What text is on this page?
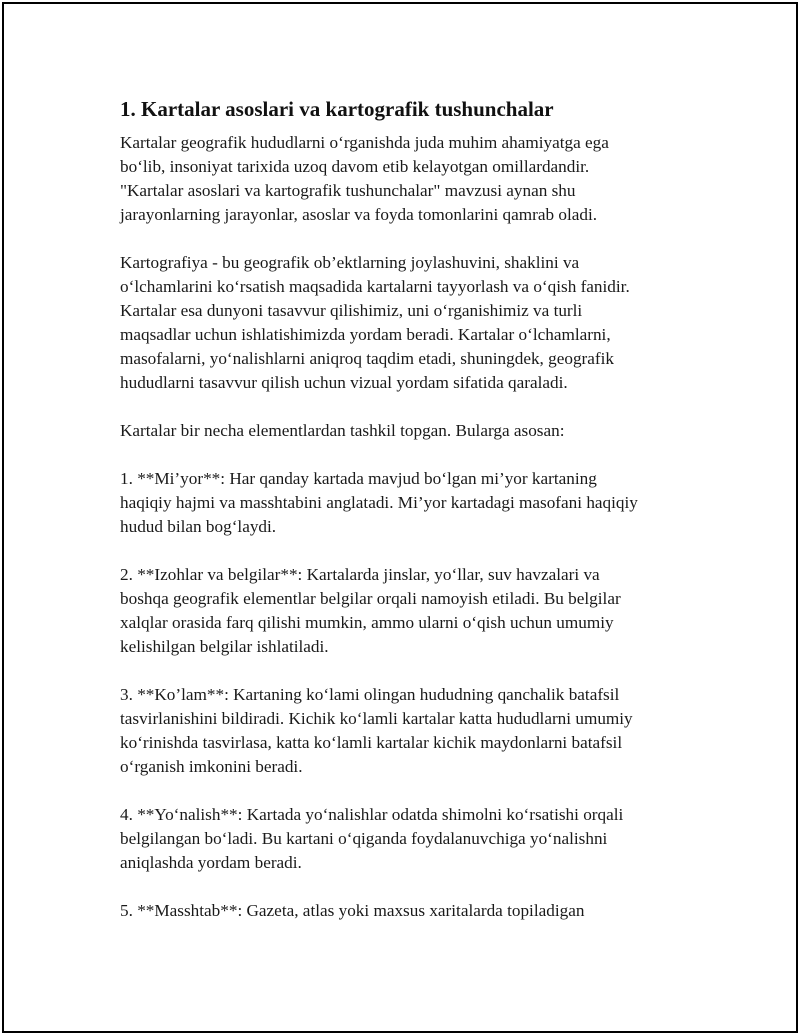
1. Kartalar asoslari va kartografik tushunchalar

Kartalar geografik hududlarni o‘rganishda juda muhim ahamiyatga ega
bo‘lib, insoniyat tarixida uzoq davom etib kelayotgan omillardandir.
"Kartalar asoslari va kartografik tushunchalar" mavzusi aynan shu
jarayonlarning jarayonlar, asoslar va foyda tomonlarini qamrab oladi.

Kartografiya - bu geografik ob’ektlarning joylashuvini, shaklini va
o‘lchamlarini ko‘rsatish maqsadida kartalarni tayyorlash va o‘qish fanidir.
Kartalar esa dunyoni tasavvur qilishimiz, uni o‘rganishimiz va turli
maqsadlar uchun ishlatishimizda yordam beradi. Kartalar o‘lchamlarni,
masofalarni, yo‘nalishlarni aniqroq taqdim etadi, shuningdek, geografik
hududlarni tasavvur qilish uchun vizual yordam sifatida qaraladi.

Kartalar bir necha elementlardan tashkil topgan. Bularga asosan:

1. **Mi’yor**: Har qanday kartada mavjud bo‘lgan mi’yor kartaning
haqiqiy hajmi va masshtabini anglatadi. Mi’yor kartadagi masofani haqiqiy
hudud bilan bog‘laydi.

2. **Izohlar va belgilar**: Kartalarda jinslar, yo‘llar, suv havzalari va
boshqa geografik elementlar belgilar orqali namoyish etiladi. Bu belgilar
xalqlar orasida farq qilishi mumkin, ammo ularni o‘qish uchun umumiy
kelishilgan belgilar ishlatiladi.

3. **Ko’lam**: Kartaning ko‘lami olingan hududning qanchalik batafsil
tasvirlanishini bildiradi. Kichik ko‘lamli kartalar katta hududlarni umumiy
ko‘rinishda tasvirlasa, katta ko‘lamli kartalar kichik maydonlarni batafsil
o‘rganish imkonini beradi.

4. **Yo‘nalish**: Kartada yo‘nalishlar odatda shimolni ko‘rsatishi orqali
belgilangan bo‘ladi. Bu kartani o‘qiganda foydalanuvchiga yo‘nalishni
aniqlashda yordam beradi.

5. **Masshtab**: Gazeta, atlas yoki maxsus xaritalarda topiladigan
